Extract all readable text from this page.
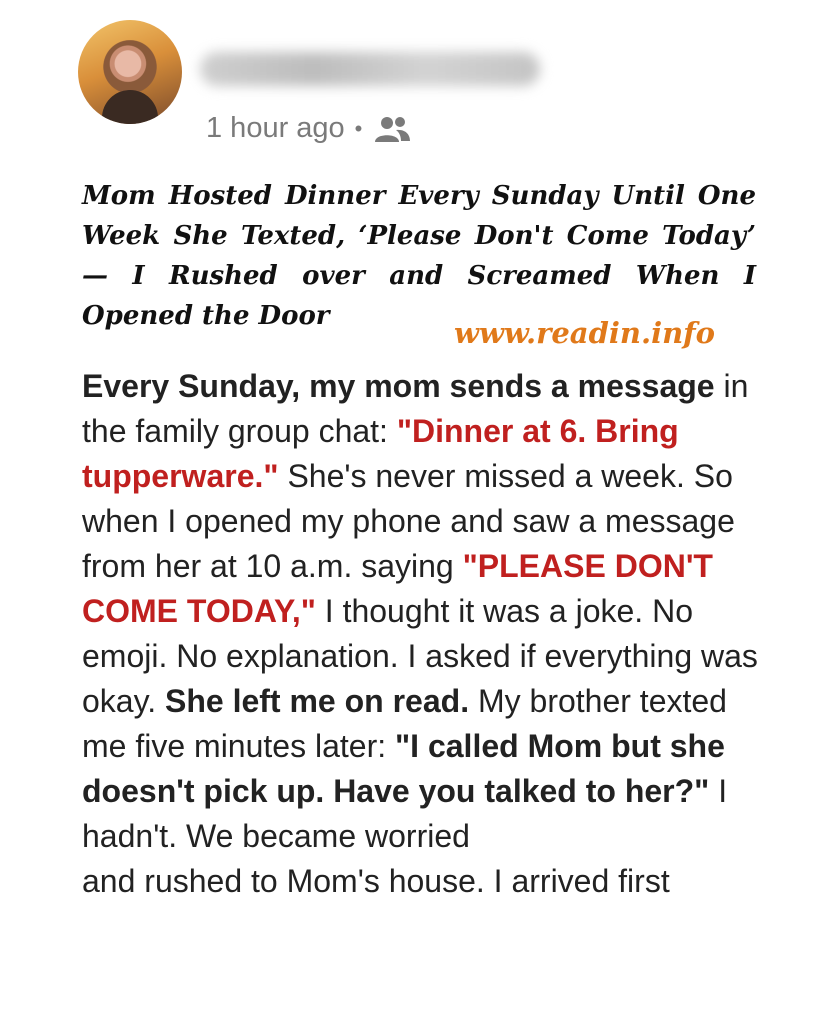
1 hour ago •
Mom Hosted Dinner Every Sunday Until One Week She Texted, ‘Please Don't Come Today’ — I Rushed over and Screamed When I Opened the Door	www.readin.info
Every Sunday, my mom sends a message in the family group chat: "Dinner at 6. Bring tupperware." She's never missed a week. So when I opened my phone and saw a message from her at 10 a.m. saying "PLEASE DON'T COME TODAY," I thought it was a joke. No emoji. No explanation. I asked if everything was okay. She left me on read. My brother texted me five minutes later: "I called Mom but she doesn't pick up. Have you talked to her?" I hadn't. We became worried
and rushed to Mom's house. I arrived first
